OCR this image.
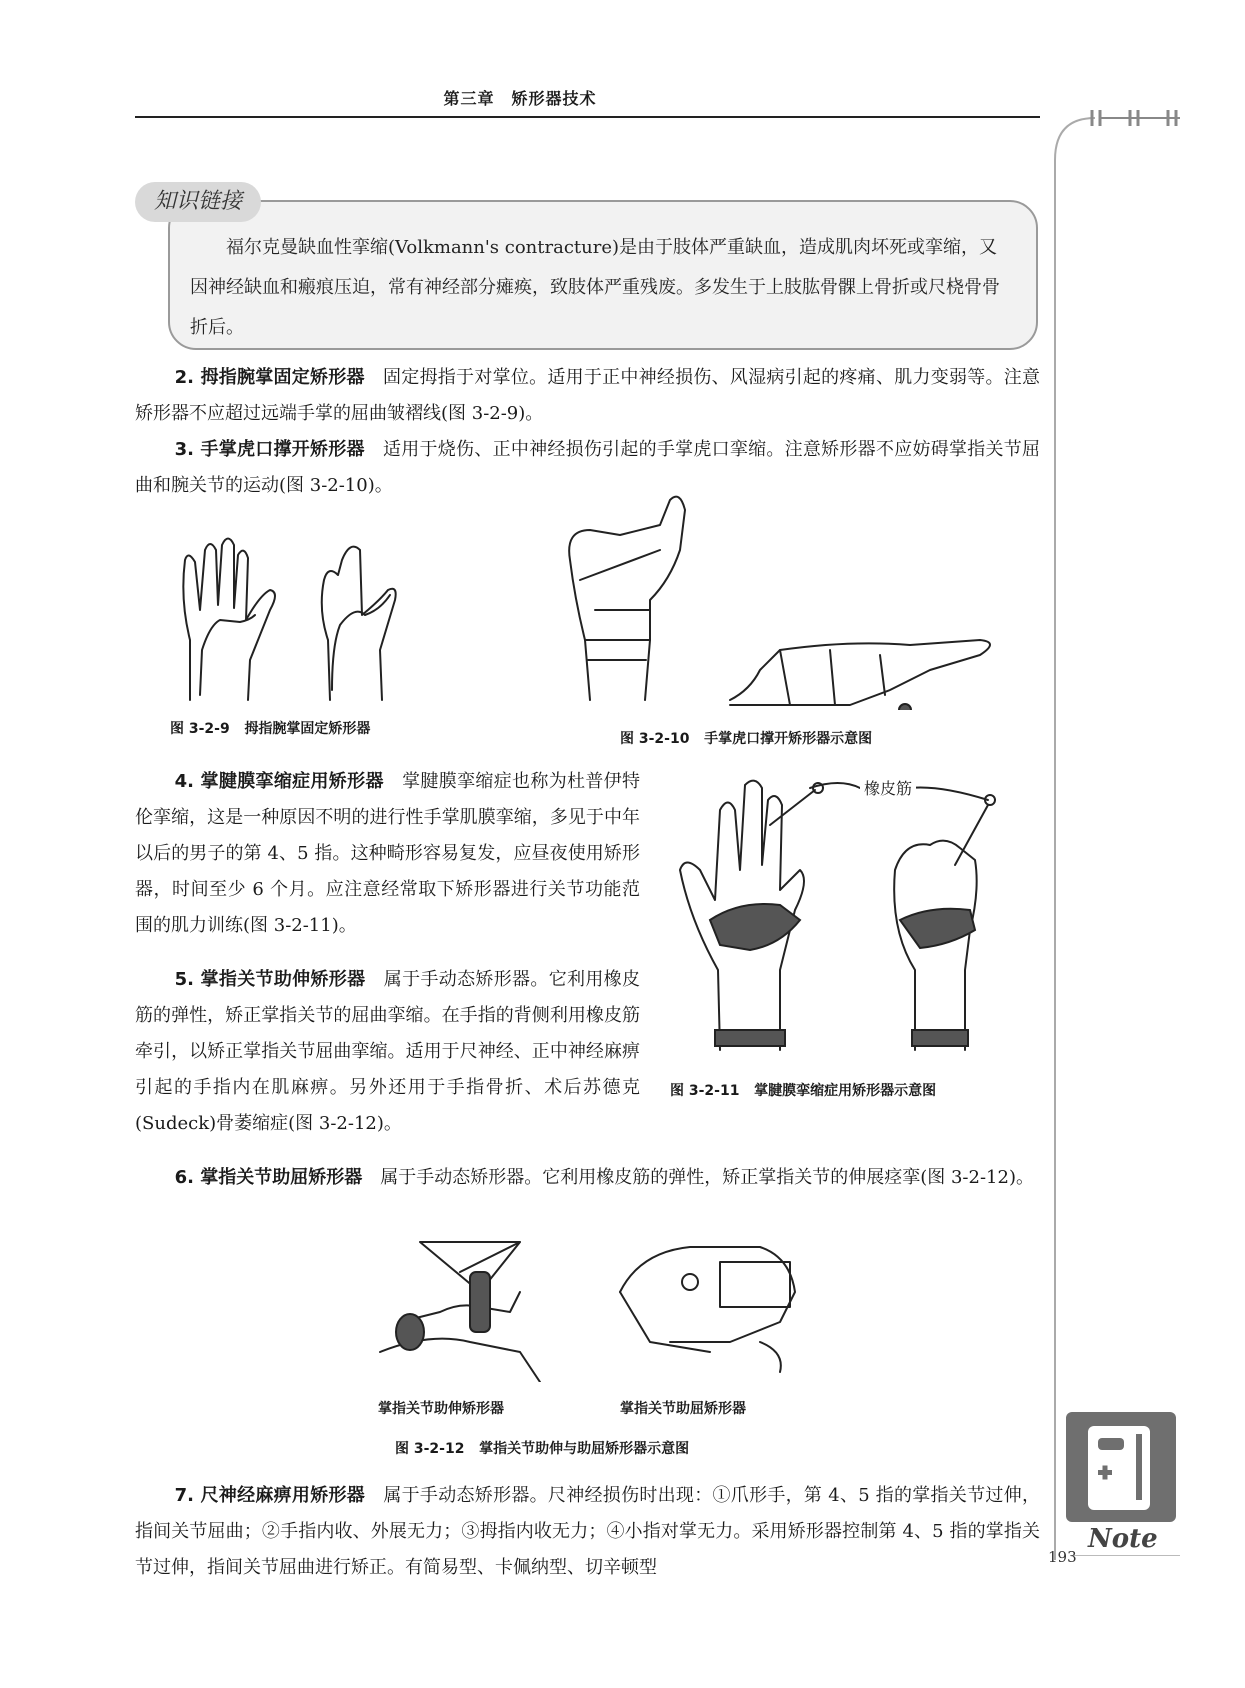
第三章　矫形器技术
知识链接
福尔克曼缺血性挛缩(Volkmann's contracture)是由于肢体严重缺血，造成肌肉坏死或挛缩，又因神经缺血和瘢痕压迫，常有神经部分瘫痪，致肢体严重残废。多发生于上肢肱骨髁上骨折或尺桡骨骨折后。
2. 拇指腕掌固定矫形器　固定拇指于对掌位。适用于正中神经损伤、风湿病引起的疼痛、肌力变弱等。注意矫形器不应超过远端手掌的屈曲皱褶线(图 3-2-9)。
3. 手掌虎口撑开矫形器　适用于烧伤、正中神经损伤引起的手掌虎口挛缩。注意矫形器不应妨碍掌指关节屈曲和腕关节的运动(图 3-2-10)。
图 3-2-9 拇指腕掌固定矫形器
图 3-2-10 手掌虎口撑开矫形器示意图
4. 掌腱膜挛缩症用矫形器　掌腱膜挛缩症也称为杜普伊特伦挛缩，这是一种原因不明的进行性手掌肌膜挛缩，多见于中年以后的男子的第 4、5 指。这种畸形容易复发，应昼夜使用矫形器，时间至少 6 个月。应注意经常取下矫形器进行关节功能范围的肌力训练(图 3-2-11)。
5. 掌指关节助伸矫形器　属于手动态矫形器。它利用橡皮筋的弹性，矫正掌指关节的屈曲挛缩。在手指的背侧利用橡皮筋牵引，以矫正掌指关节屈曲挛缩。适用于尺神经、正中神经麻痹引起的手指内在肌麻痹。另外还用于手指骨折、术后苏德克(Sudeck)骨萎缩症(图 3-2-12)。
橡皮筋
图 3-2-11 掌腱膜挛缩症用矫形器示意图
6. 掌指关节助屈矫形器　属于手动态矫形器。它利用橡皮筋的弹性，矫正掌指关节的伸展痉挛(图 3-2-12)。
掌指关节助伸矫形器	掌指关节助屈矫形器
图 3-2-12 掌指关节助伸与助屈矫形器示意图
7. 尺神经麻痹用矫形器　属于手动态矫形器。尺神经损伤时出现：①爪形手，第 4、5 指的掌指关节过伸，指间关节屈曲；②手指内收、外展无力；③拇指内收无力；④小指对掌无力。采用矫形器控制第 4、5 指的掌指关节过伸，指间关节屈曲进行矫正。有简易型、卡佩纳型、切辛顿型
Note
193
